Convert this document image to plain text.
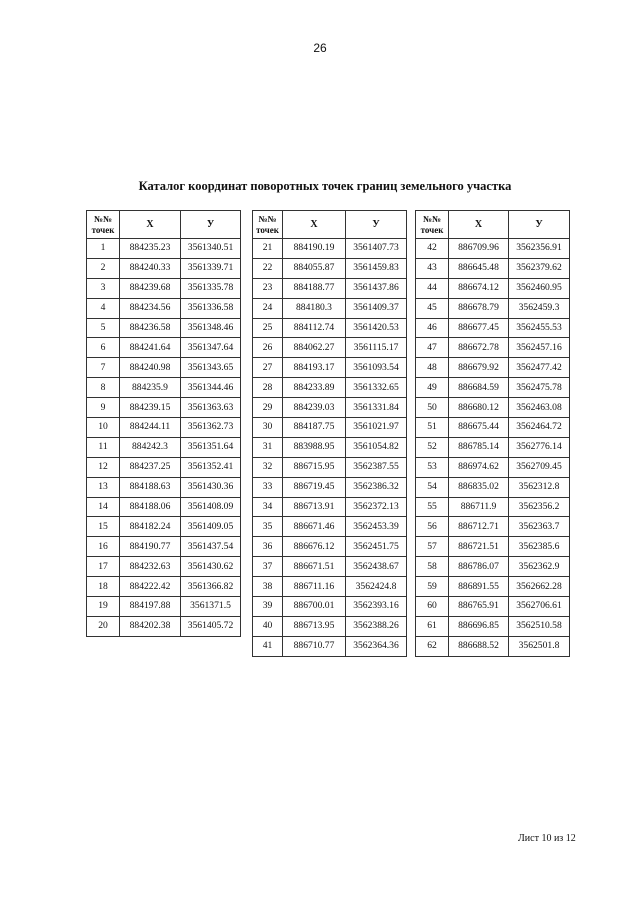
26
Каталог координат поворотных точек границ земельного участка
№№
точек	Х	У
1	884235.23	3561340.51
2	884240.33	3561339.71
3	884239.68	3561335.78
4	884234.56	3561336.58
5	884236.58	3561348.46
6	884241.64	3561347.64
7	884240.98	3561343.65
8	884235.9	3561344.46
9	884239.15	3561363.63
10	884244.11	3561362.73
11	884242.3	3561351.64
12	884237.25	3561352.41
13	884188.63	3561430.36
14	884188.06	3561408.09
15	884182.24	3561409.05
16	884190.77	3561437.54
17	884232.63	3561430.62
18	884222.42	3561366.82
19	884197.88	3561371.5
20	884202.38	3561405.72
№№
точек	Х	У
21	884190.19	3561407.73
22	884055.87	3561459.83
23	884188.77	3561437.86
24	884180.3	3561409.37
25	884112.74	3561420.53
26	884062.27	3561115.17
27	884193.17	3561093.54
28	884233.89	3561332.65
29	884239.03	3561331.84
30	884187.75	3561021.97
31	883988.95	3561054.82
32	886715.95	3562387.55
33	886719.45	3562386.32
34	886713.91	3562372.13
35	886671.46	3562453.39
36	886676.12	3562451.75
37	886671.51	3562438.67
38	886711.16	3562424.8
39	886700.01	3562393.16
40	886713.95	3562388.26
41	886710.77	3562364.36
№№
точек	Х	У
42	886709.96	3562356.91
43	886645.48	3562379.62
44	886674.12	3562460.95
45	886678.79	3562459.3
46	886677.45	3562455.53
47	886672.78	3562457.16
48	886679.92	3562477.42
49	886684.59	3562475.78
50	886680.12	3562463.08
51	886675.44	3562464.72
52	886785.14	3562776.14
53	886974.62	3562709.45
54	886835.02	3562312.8
55	886711.9	3562356.2
56	886712.71	3562363.7
57	886721.51	3562385.6
58	886786.07	3562362.9
59	886891.55	3562662.28
60	886765.91	3562706.61
61	886696.85	3562510.58
62	886688.52	3562501.8
Лист 10 из 12
